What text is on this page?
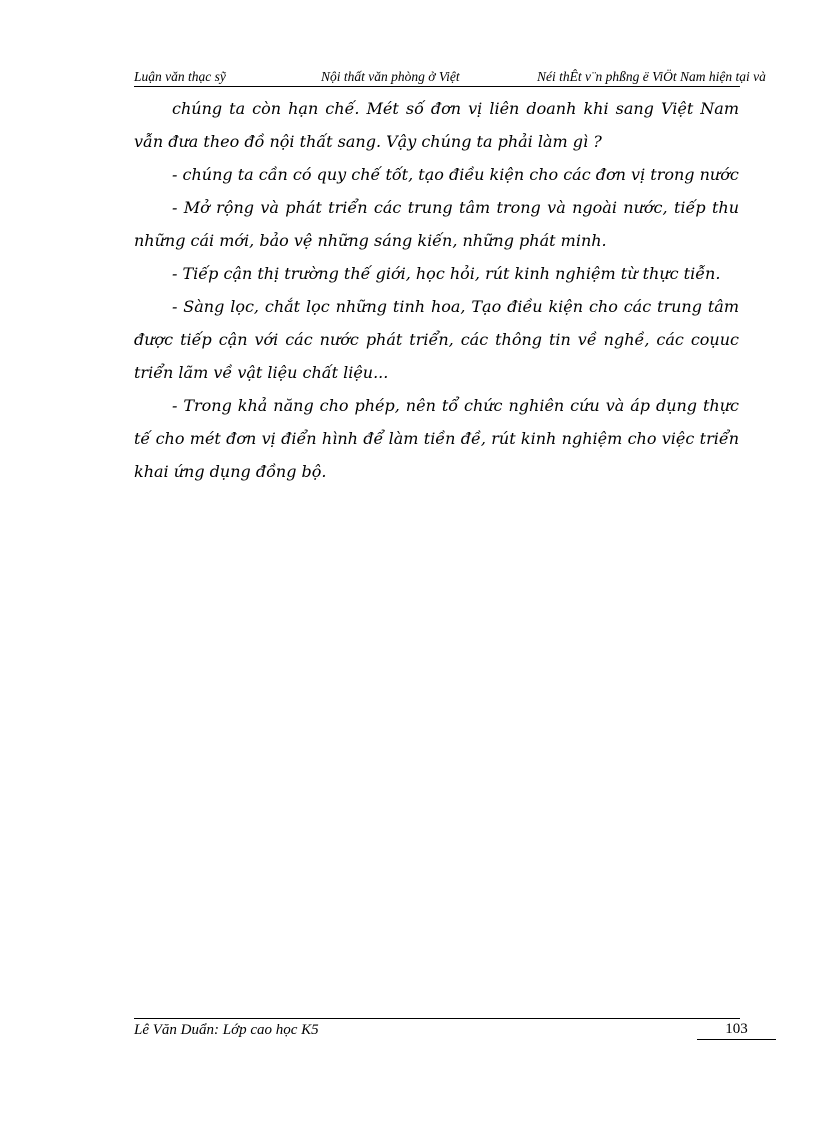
Luận văn thạc sỹ	Nội thất văn phòng ở Việt	Néi thÊt v¨n phßng ë ViÖt Nam hiện tại và

chúng ta còn hạn chế. Mét số đơn vị liên doanh khi sang Việt Nam vẫn đưa theo đồ nội thất sang. Vậy chúng ta phải làm gì ?

- chúng ta cần có quy chế tốt, tạo điều kiện cho các đơn vị trong nước

- Mở rộng và phát triển các trung tâm trong và ngoài nước, tiếp thu những cái mới, bảo vệ những sáng kiến, những phát minh.

- Tiếp cận thị trường thế giới, học hỏi, rút kinh nghiệm từ thực tiễn.

- Sàng lọc, chắt lọc những tinh hoa, Tạo điều kiện cho các trung tâm được tiếp cận với các nước phát triển, các thông tin về nghề, các coụuc triển lãm về vật liệu chất liệu...

- Trong khả năng cho phép, nên tổ chức nghiên cứu và áp dụng thực tế cho mét đơn vị điển hình để làm tiền đề, rút kinh nghiệm cho việc triển khai ứng dụng đồng bộ.

Lê Văn Duẩn: Lớp cao học K5	103
